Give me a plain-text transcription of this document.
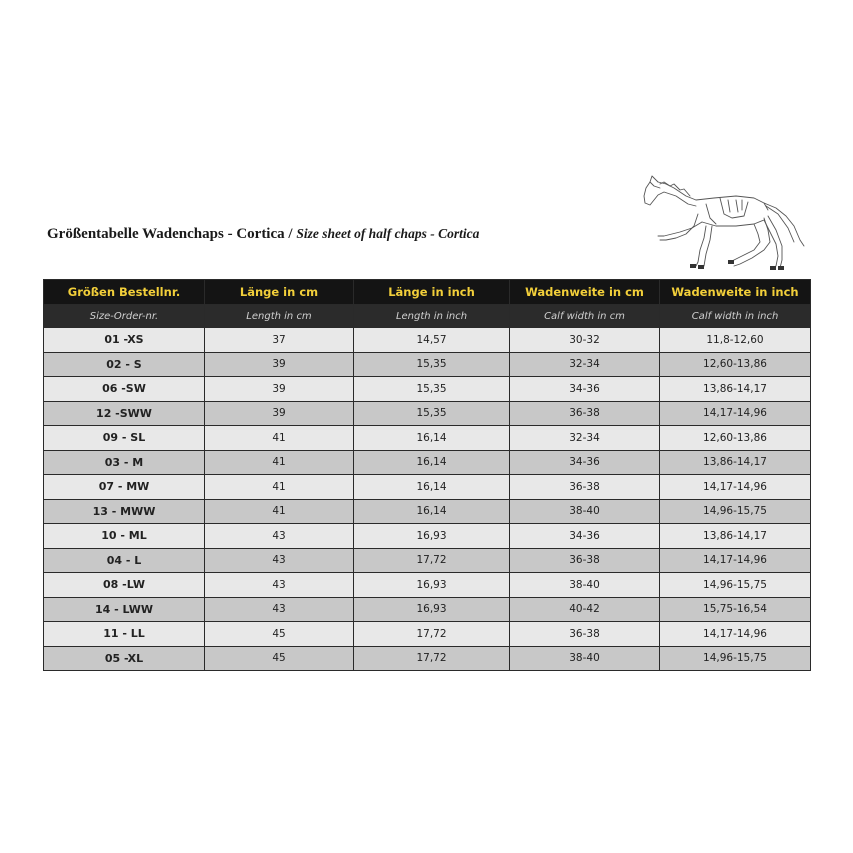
Größentabelle Wadenchaps - Cortica / Size sheet of half chaps - Cortica
Größen Bestellnr.	Länge in cm	Länge in inch	Wadenweite in cm	Wadenweite in inch
Size-Order-nr.	Length in cm	Length in inch	Calf width in cm	Calf width in inch
01 -XS	37	14,57	30-32	11,8-12,60
02 - S	39	15,35	32-34	12,60-13,86
06 -SW	39	15,35	34-36	13,86-14,17
12 -SWW	39	15,35	36-38	14,17-14,96
09 - SL	41	16,14	32-34	12,60-13,86
03 - M	41	16,14	34-36	13,86-14,17
07 - MW	41	16,14	36-38	14,17-14,96
13 - MWW	41	16,14	38-40	14,96-15,75
10 - ML	43	16,93	34-36	13,86-14,17
04 - L	43	17,72	36-38	14,17-14,96
08 -LW	43	16,93	38-40	14,96-15,75
14 - LWW	43	16,93	40-42	15,75-16,54
11 - LL	45	17,72	36-38	14,17-14,96
05 -XL	45	17,72	38-40	14,96-15,75
